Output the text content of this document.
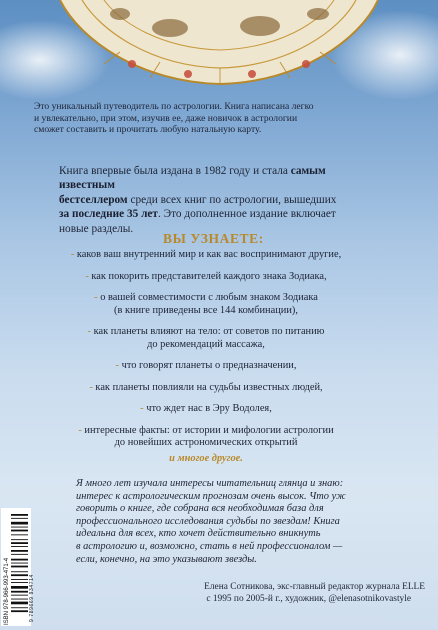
Это уникальный путеводитель по астрологии. Книга написана легко
и увлекательно, при этом, изучив ее, даже новичок в астрологии
сможет составить и прочитать любую натальную карту.
Книга впервые была издана в 1982 году и стала самым известным
бестселлером среди всех книг по астрологии, вышедших
за последние 35 лет. Это дополненное издание включает
новые разделы.
ВЫ УЗНАЕТЕ:
- каков ваш внутренний мир и как вас воспринимают другие,
- как покорить представителей каждого знака Зодиака,
- о вашей совместимости с любым знаком Зодиака
(в книге приведены все 144 комбинации),
- как планеты влияют на тело: от советов по питанию
до рекомендаций массажа,
- что говорят планеты о предназначении,
- как планеты повлияли на судьбы известных людей,
- что ждет нас в Эру Водолея,
- интересные факты: от истории и мифологии астрологии
до новейших астрономических открытий
и многое другое.
Я много лет изучала интересы читательниц глянца и знаю:
интерес к астрологическим прогнозам очень высок. Что уж
говорить о книге, где собрана вся необходимая база для
профессионального исследования судьбы по звездам! Книга
идеальна для всех, кто хочет действительно вникнуть
в астрологию и, возможно, стать в ней профессионалом —
если, конечно, на это указывают звезды.
Елена Сотникова, экс-главный редактор журнала ELLE
с 1995 по 2005-й г., художник, @elenasotnikovastyle
ISBN 978-966-993-471-4	9 789669 934714
